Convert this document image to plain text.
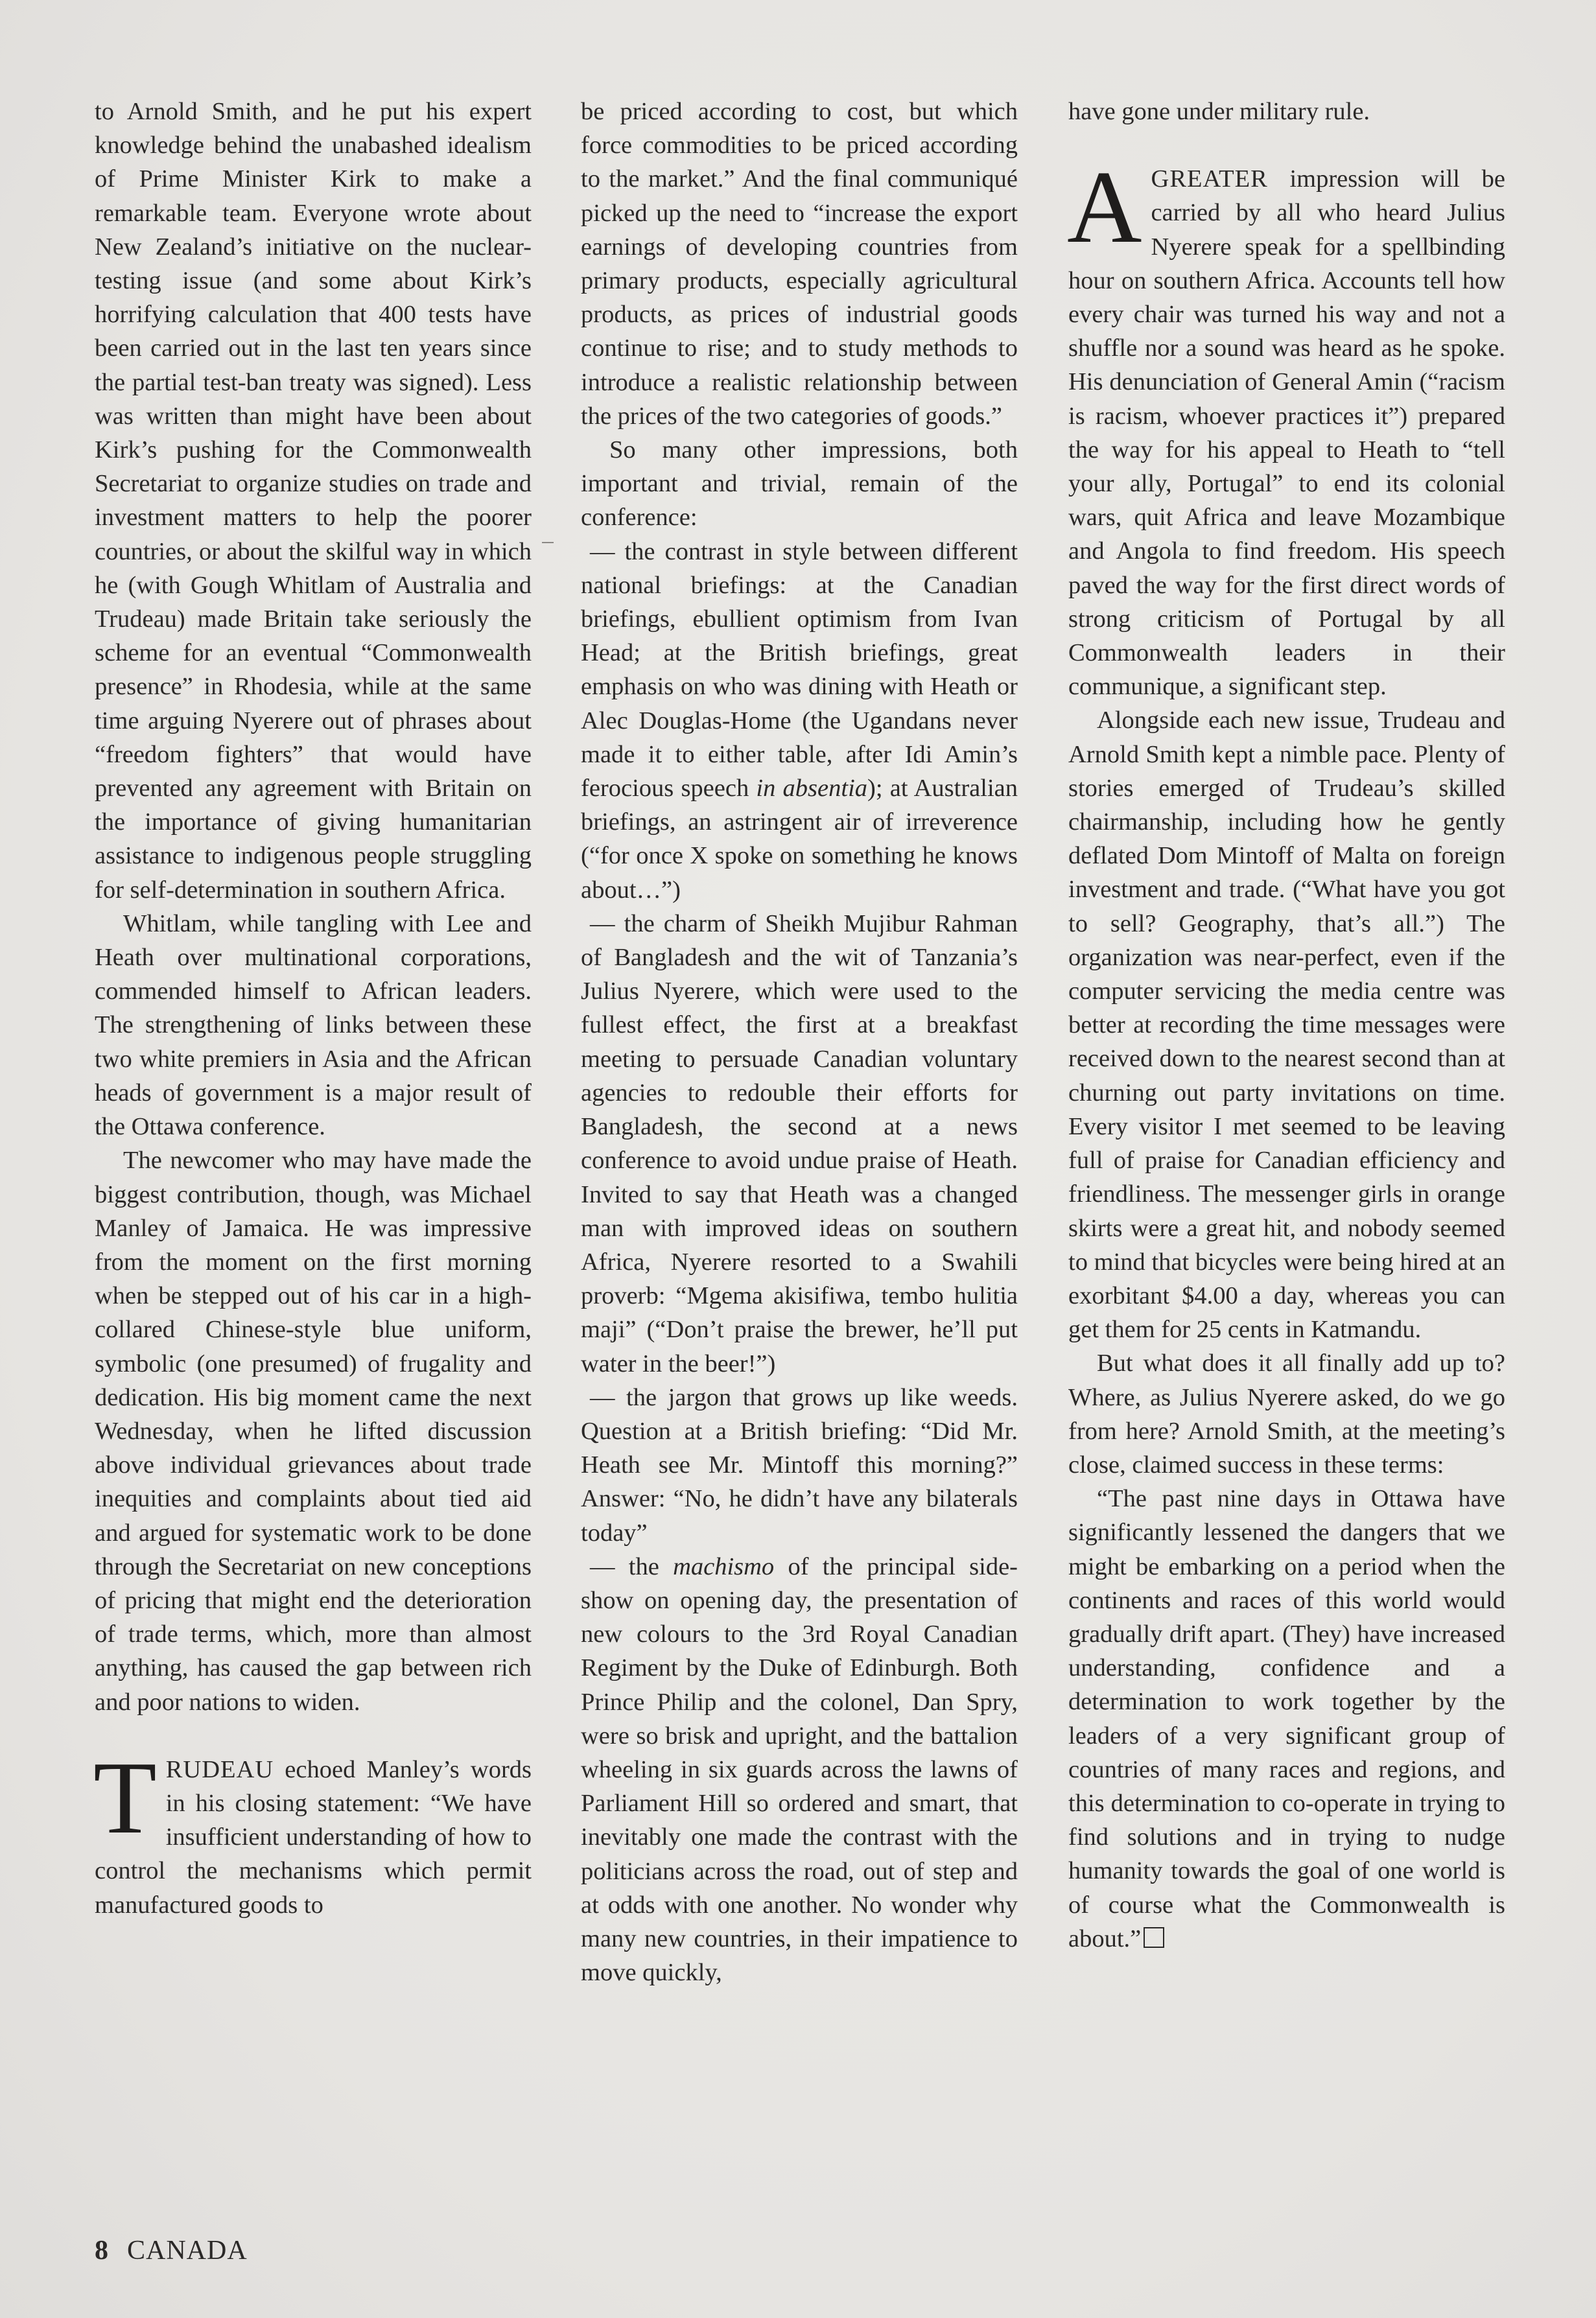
to Arnold Smith, and he put his expert knowledge behind the unabashed idealism of Prime Minister Kirk to make a remarkable team. Everyone wrote about New Zealand’s initiative on the nuclear-testing issue (and some about Kirk’s horrifying calculation that 400 tests have been carried out in the last ten years since the partial test-ban treaty was signed). Less was written than might have been about Kirk’s pushing for the Commonwealth Secretariat to organize studies on trade and investment matters to help the poorer countries, or about the skilful way in which he (with Gough Whitlam of Australia and Trudeau) made Britain take seriously the scheme for an eventual “Commonwealth presence” in Rhodesia, while at the same time arguing Nyerere out of phrases about “freedom fighters” that would have prevented any agreement with Britain on the importance of giving humanitarian assistance to indigenous people struggling for self-determination in southern Africa.

Whitlam, while tangling with Lee and Heath over multinational corporations, commended himself to African leaders. The strengthening of links between these two white premiers in Asia and the African heads of government is a major result of the Ottawa conference.

The newcomer who may have made the biggest contribution, though, was Michael Manley of Jamaica. He was impressive from the moment on the first morning when be stepped out of his car in a high-collared Chinese-style blue uniform, symbolic (one presumed) of frugality and dedication. His big moment came the next Wednesday, when he lifted discussion above individual grievances about trade inequities and complaints about tied aid and argued for systematic work to be done through the Secretariat on new conceptions of pricing that might end the deterioration of trade terms, which, more than almost anything, has caused the gap between rich and poor nations to widen.

TRUDEAU echoed Manley’s words in his closing statement: “We have insufficient understanding of how to control the mechanisms which permit manufactured goods to

be priced according to cost, but which force commodities to be priced according to the market.” And the final communiqué picked up the need to “increase the export earnings of developing countries from primary products, especially agricultural products, as prices of industrial goods continue to rise; and to study methods to introduce a realistic relationship between the prices of the two categories of goods.”

So many other impressions, both important and trivial, remain of the conference:

— the contrast in style between different national briefings: at the Canadian briefings, ebullient optimism from Ivan Head; at the British briefings, great emphasis on who was dining with Heath or Alec Douglas-Home (the Ugandans never made it to either table, after Idi Amin’s ferocious speech in absentia); at Australian briefings, an astringent air of irreverence (“for once X spoke on something he knows about…”)

— the charm of Sheikh Mujibur Rahman of Bangladesh and the wit of Tanzania’s Julius Nyerere, which were used to the fullest effect, the first at a breakfast meeting to persuade Canadian voluntary agencies to redouble their efforts for Bangladesh, the second at a news conference to avoid undue praise of Heath. Invited to say that Heath was a changed man with improved ideas on southern Africa, Nyerere resorted to a Swahili proverb: “Mgema akisifiwa, tembo hulitia maji” (“Don’t praise the brewer, he’ll put water in the beer!”)

— the jargon that grows up like weeds. Question at a British briefing: “Did Mr. Heath see Mr. Mintoff this morning?” Answer: “No, he didn’t have any bilaterals today”

— the machismo of the principal side-show on opening day, the presentation of new colours to the 3rd Royal Canadian Regiment by the Duke of Edinburgh. Both Prince Philip and the colonel, Dan Spry, were so brisk and upright, and the battalion wheeling in six guards across the lawns of Parliament Hill so ordered and smart, that inevitably one made the contrast with the politicians across the road, out of step and at odds with one another. No wonder why many new countries, in their impatience to move quickly,

have gone under military rule.

AGREATER impression will be carried by all who heard Julius Nyerere speak for a spellbinding hour on southern Africa. Accounts tell how every chair was turned his way and not a shuffle nor a sound was heard as he spoke. His denunciation of General Amin (“racism is racism, whoever practices it”) prepared the way for his appeal to Heath to “tell your ally, Portugal” to end its colonial wars, quit Africa and leave Mozambique and Angola to find freedom. His speech paved the way for the first direct words of strong criticism of Portugal by all Commonwealth leaders in their communique, a significant step.

Alongside each new issue, Trudeau and Arnold Smith kept a nimble pace. Plenty of stories emerged of Trudeau’s skilled chairmanship, including how he gently deflated Dom Mintoff of Malta on foreign investment and trade. (“What have you got to sell? Geography, that’s all.”) The organization was near-perfect, even if the computer servicing the media centre was better at recording the time messages were received down to the nearest second than at churning out party invitations on time. Every visitor I met seemed to be leaving full of praise for Canadian efficiency and friendliness. The messenger girls in orange skirts were a great hit, and nobody seemed to mind that bicycles were being hired at an exorbitant $4.00 a day, whereas you can get them for 25 cents in Katmandu.

But what does it all finally add up to? Where, as Julius Nyerere asked, do we go from here? Arnold Smith, at the meeting’s close, claimed success in these terms:

“The past nine days in Ottawa have significantly lessened the dangers that we might be embarking on a period when the continents and races of this world would gradually drift apart. (They) have increased understanding, confidence and a determination to work together by the leaders of a very significant group of countries of many races and regions, and this determination to co-operate in trying to find solutions and in trying to nudge humanity towards the goal of one world is of course what the Commonwealth is about.”

8 CANADA
